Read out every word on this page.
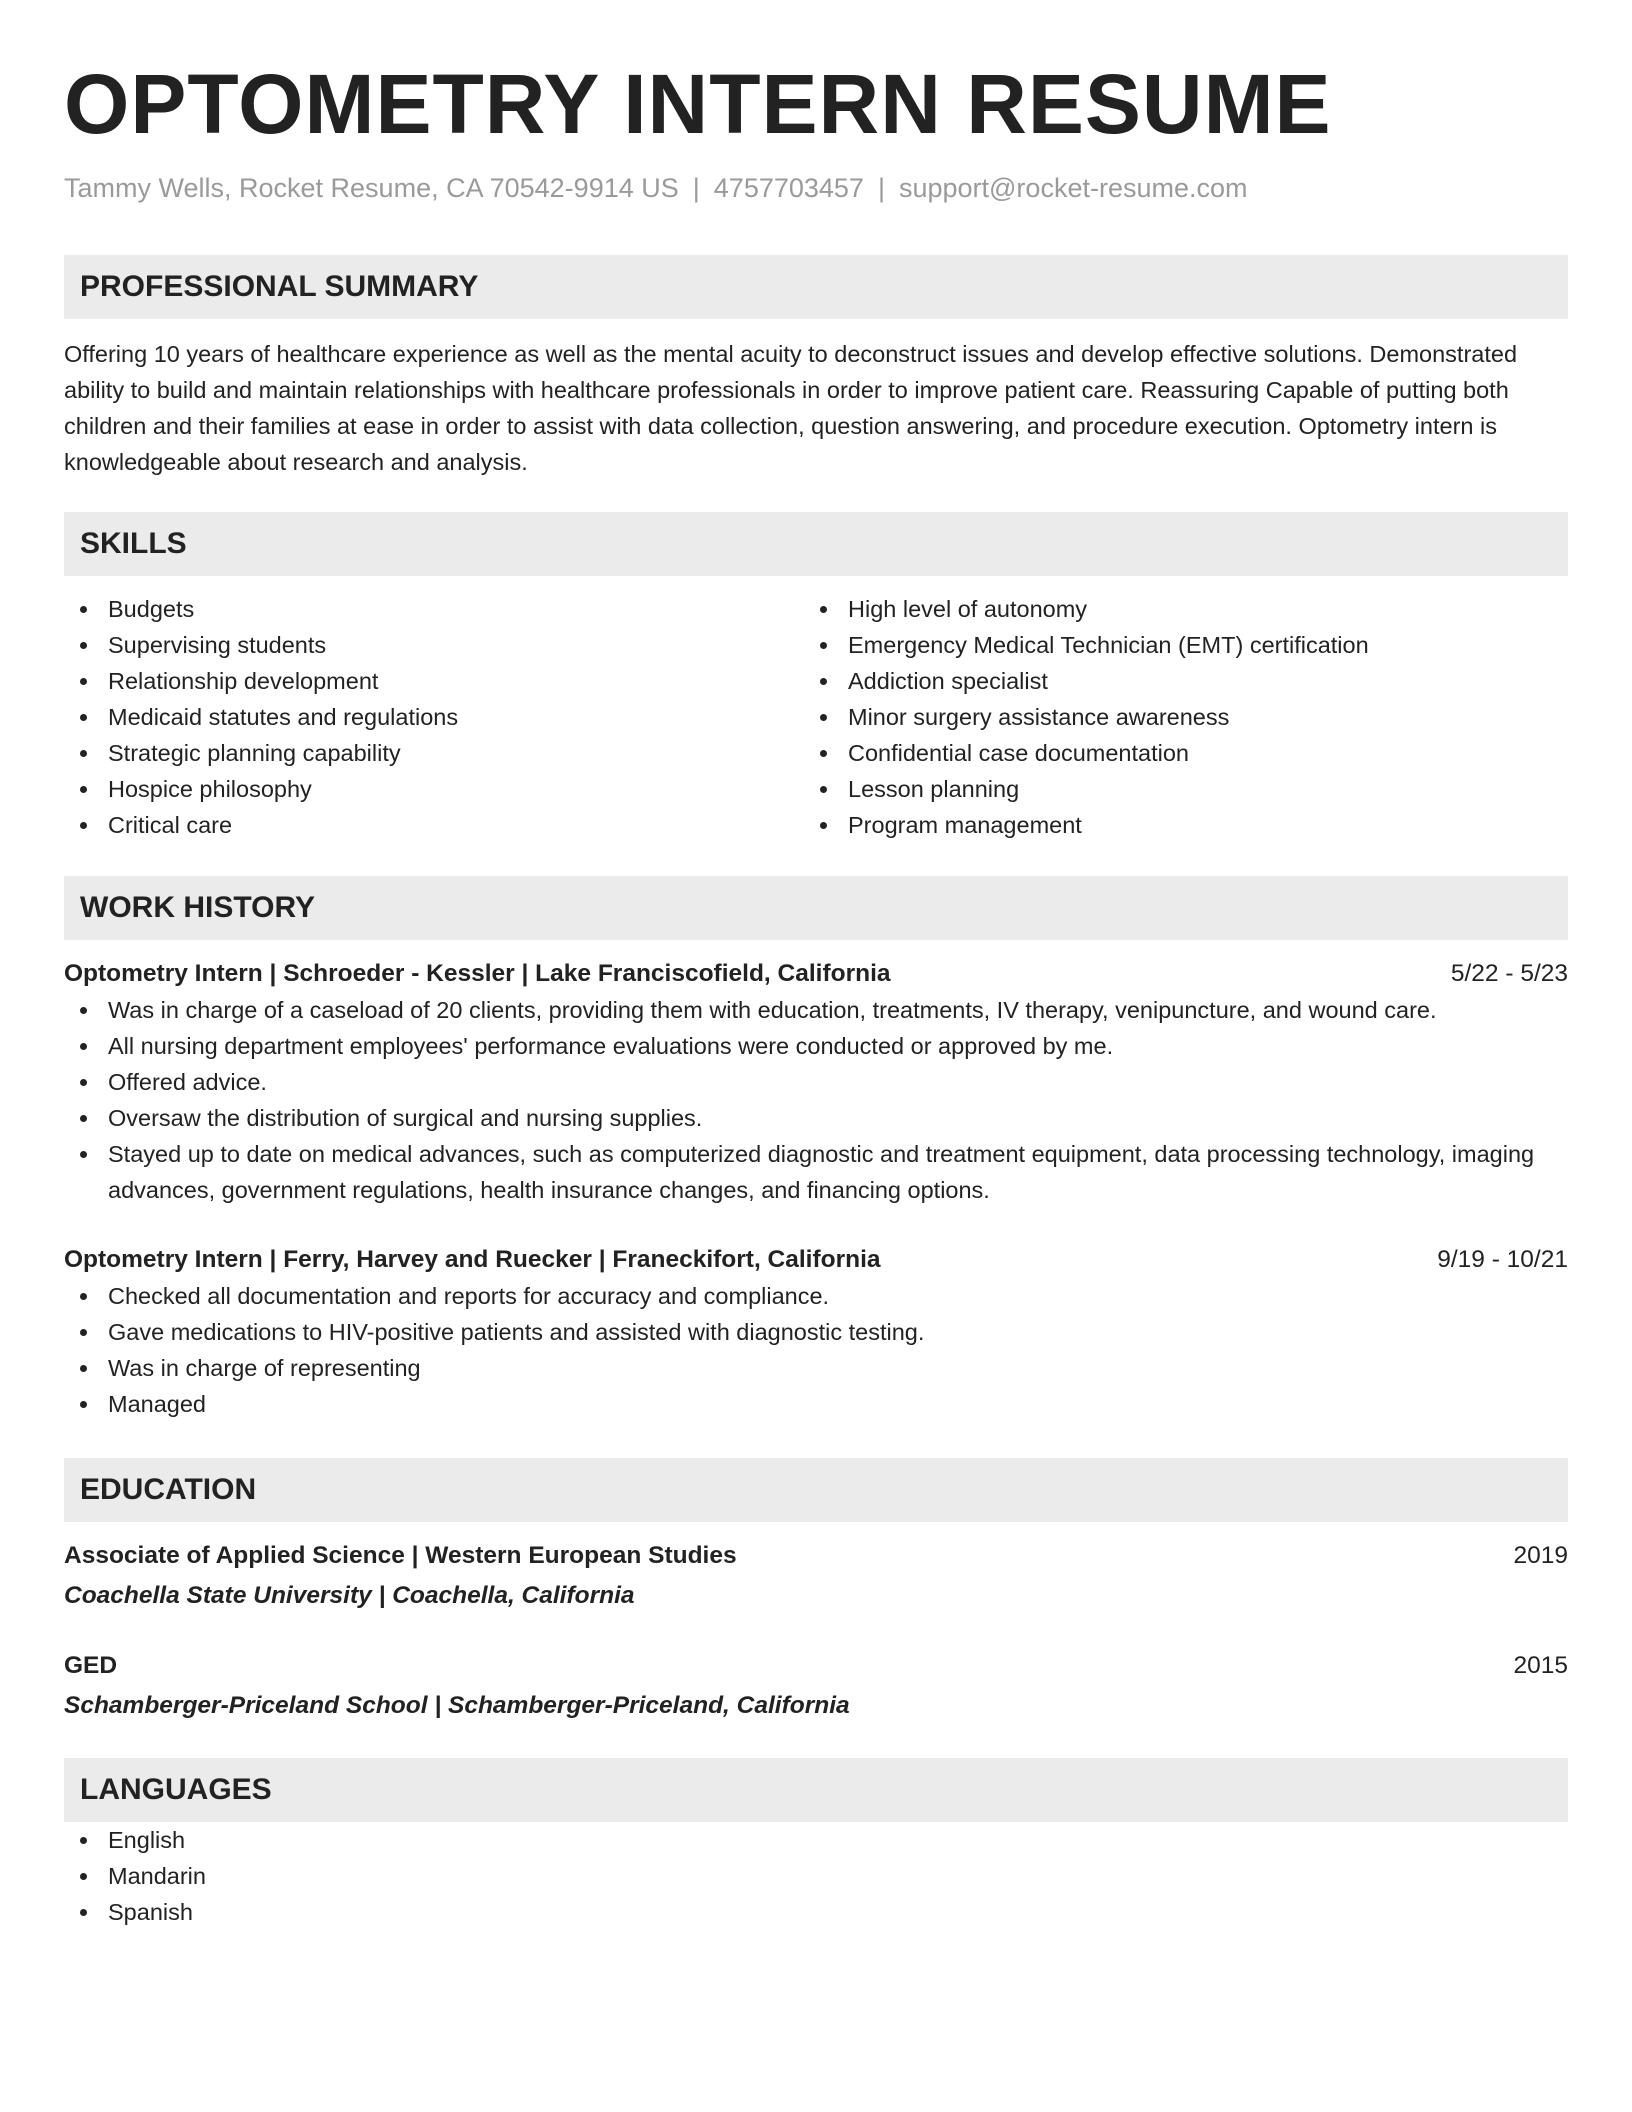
OPTOMETRY INTERN RESUME
Tammy Wells, Rocket Resume, CA 70542-9914 US | 4757703457 | support@rocket-resume.com
PROFESSIONAL SUMMARY

Offering 10 years of healthcare experience as well as the mental acuity to deconstruct issues and develop effective solutions. Demonstrated ability to build and maintain relationships with healthcare professionals in order to improve patient care. Reassuring Capable of putting both children and their families at ease in order to assist with data collection, question answering, and procedure execution. Optometry intern is knowledgeable about research and analysis.

SKILLS
Budgets
Supervising students
Relationship development
Medicaid statutes and regulations
Strategic planning capability
Hospice philosophy
Critical care
High level of autonomy
Emergency Medical Technician (EMT) certification
Addiction specialist
Minor surgery assistance awareness
Confidential case documentation
Lesson planning
Program management
WORK HISTORY
Optometry Intern | Schroeder - Kessler | Lake Franciscofield, California	5/22 - 5/23
Was in charge of a caseload of 20 clients, providing them with education, treatments, IV therapy, venipuncture, and wound care.
All nursing department employees' performance evaluations were conducted or approved by me.
Offered advice.
Oversaw the distribution of surgical and nursing supplies.
Stayed up to date on medical advances, such as computerized diagnostic and treatment equipment, data processing technology, imaging advances, government regulations, health insurance changes, and financing options.
Optometry Intern | Ferry, Harvey and Ruecker | Franeckifort, California	9/19 - 10/21
Checked all documentation and reports for accuracy and compliance.
Gave medications to HIV-positive patients and assisted with diagnostic testing.
Was in charge of representing
Managed
EDUCATION
Associate of Applied Science | Western European Studies	2019
Coachella State University | Coachella, California
GED	2015
Schamberger-Priceland School | Schamberger-Priceland, California
LANGUAGES
English
Mandarin
Spanish
